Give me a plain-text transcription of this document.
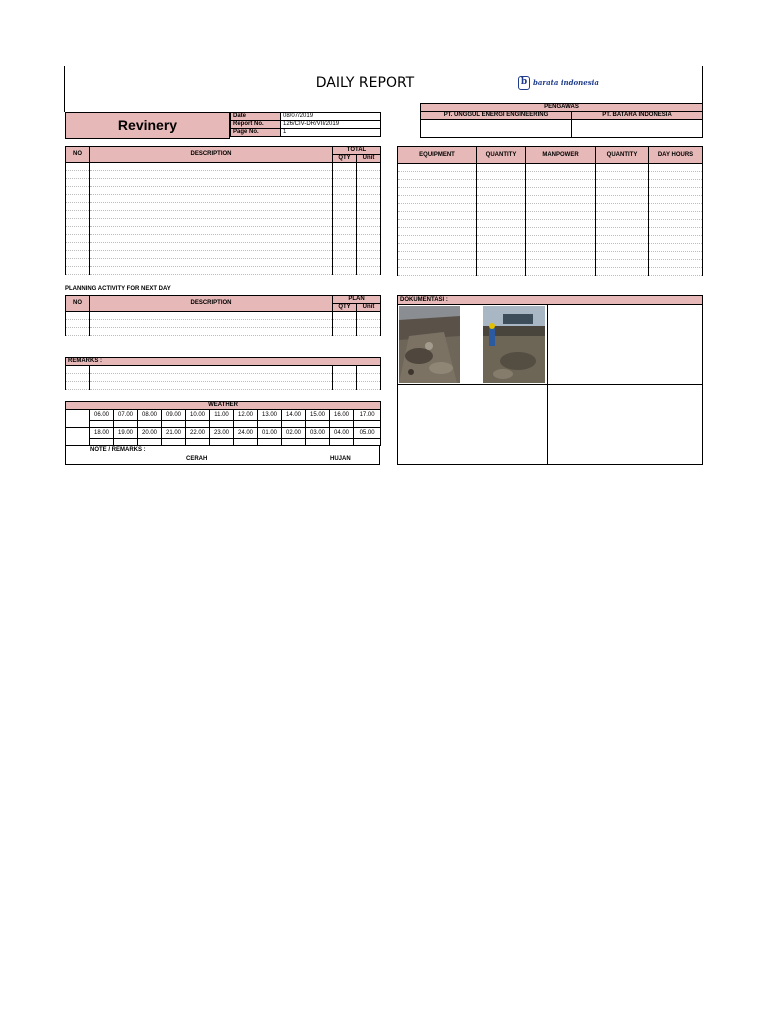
DAILY REPORT	b barata indonesia
Revinery
Date	08/07/2019
Report No.	126/CIV-DR/VII/2019
Page No.	1
PENGAWAS	
PT. UNGGUL ENERGI ENGINEERING	PT. BATARA INDONESIA

NO	DESCRIPTION	TOTAL	
		QTY	Unit

EQUIPMENT	QUANTITY	MANPOWER	QUANTITY	DAY HOURS

PLANNING ACTIVITY FOR NEXT DAY
NO	DESCRIPTION	PLAN	
		QTY	Unit

REMARKS :			

WEATHER												
	06.00	07.00	08.00	09.00	10.00	11.00	12.00	13.00	14.00	15.00	16.00	17.00

	18.00	19.00	20.00	21.00	22.00	23.00	24.00	01.00	02.00	03.00	04.00	05.00

NOTE / REMARKS :
CERAH	HUJAN
DOKUMENTASI :
